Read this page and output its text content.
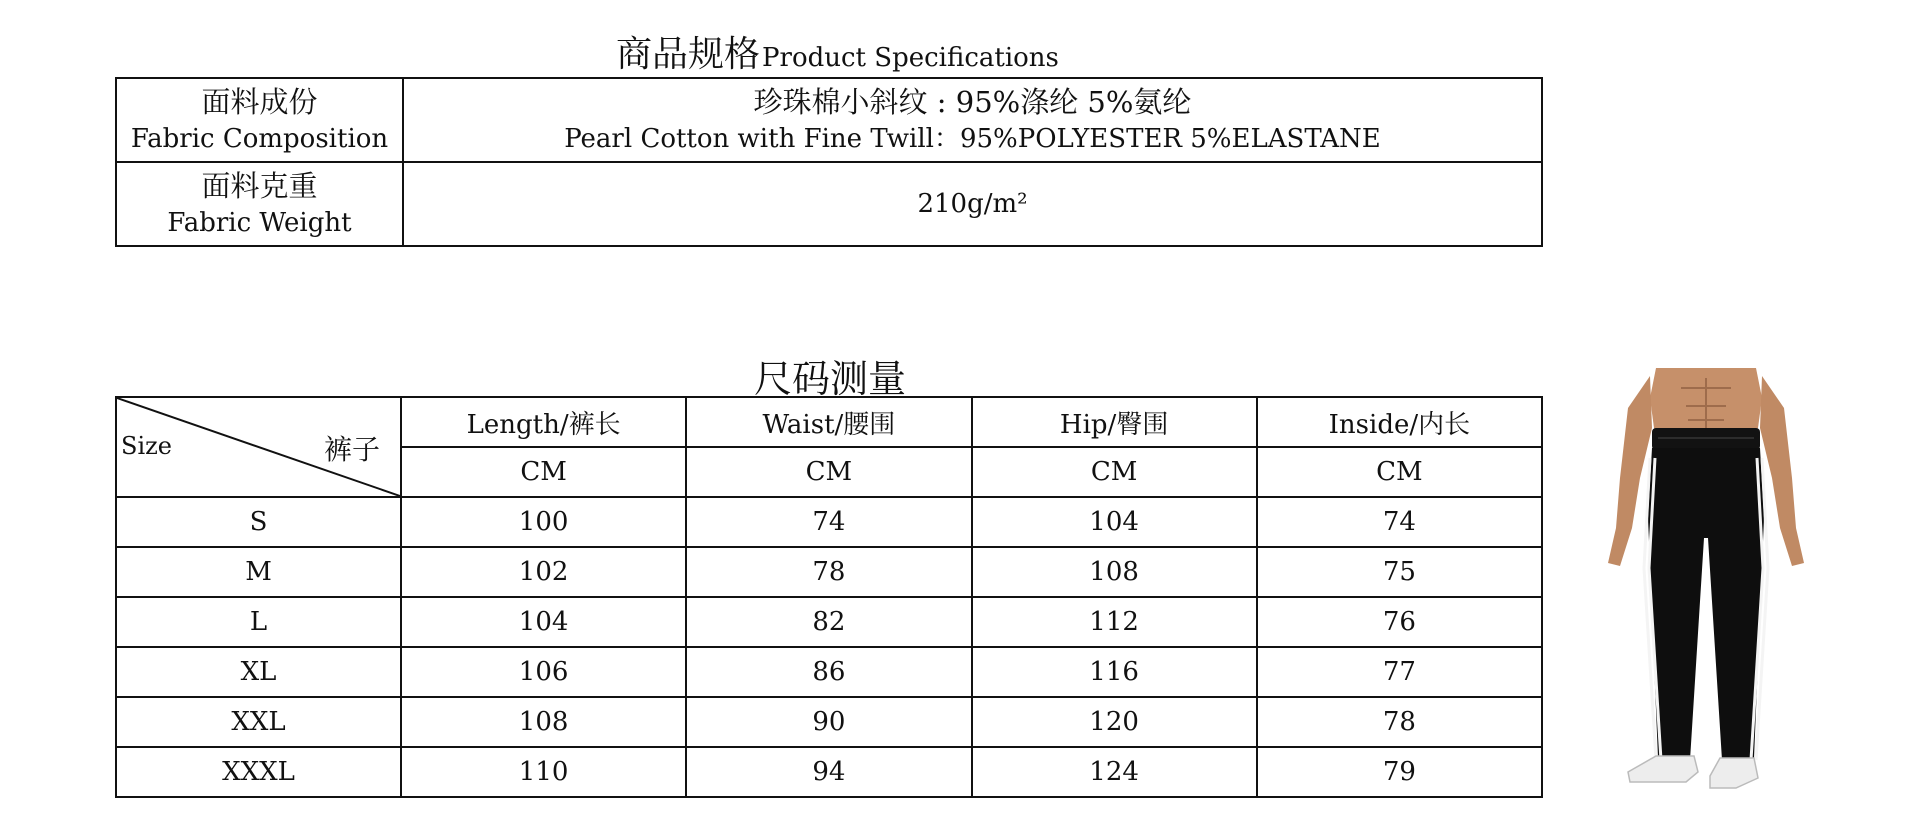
商品规格Product Specifications
面料成份
Fabric Composition	珍珠棉小斜纹 : 95%涤纶 5%氨纶
Pearl Cotton with Fine Twill：95%POLYESTER 5%ELASTANE

面料克重
Fabric Weight	210g/m²
尺码测量
Size 裤子	Length/裤长	Waist/腰围	Hip/臀围	Inside/内长
	CM	CM	CM	CM
S	100	74	104	74
M	102	78	108	75
L	104	82	112	76
XL	106	86	116	77
XXL	108	90	120	78
XXXL	110	94	124	79
